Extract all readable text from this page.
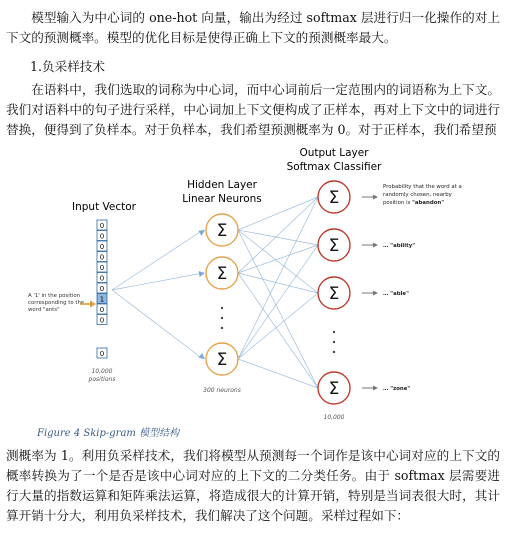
模型输入为中心词的 one-hot 向量，输出为经过 softmax 层进行归一化操作的对上下文的预测概率。模型的优化目标是使得正确上下文的预测概率最大。

1.负采样技术

在语料中，我们选取的词称为中心词，而中心词前后一定范围内的词语称为上下文。我们对语料中的句子进行采样，中心词加上下文便构成了正样本，再对上下文中的词进行替换，便得到了负样本。对于负样本，我们希望预测概率为 0。对于正样本，我们希望预

Input Vector
Hidden Layer
Linear Neurons
Output Layer
Softmax Classifier
0
0
0
0
0
0
0
1
0
0
0
10,000
positions
A '1' in the position
corresponding to the
word "ants"
Σ
Σ
Σ
300 neurons
Σ
Σ
Σ
Σ
10,000
Probability that the word at a
randomly chosen, nearby
position is "abandon"
… "ability"
… "able"
… "zone"
Figure 4 Skip-gram 模型结构

测概率为 1。利用负采样技术，我们将模型从预测每一个词作是该中心词对应的上下文的概率转换为了一个是否是该中心词对应的上下文的二分类任务。由于 softmax 层需要进行大量的指数运算和矩阵乘法运算，将造成很大的计算开销，特别是当词表很大时，其计算开销十分大，利用负采样技术，我们解决了这个问题。采样过程如下：
